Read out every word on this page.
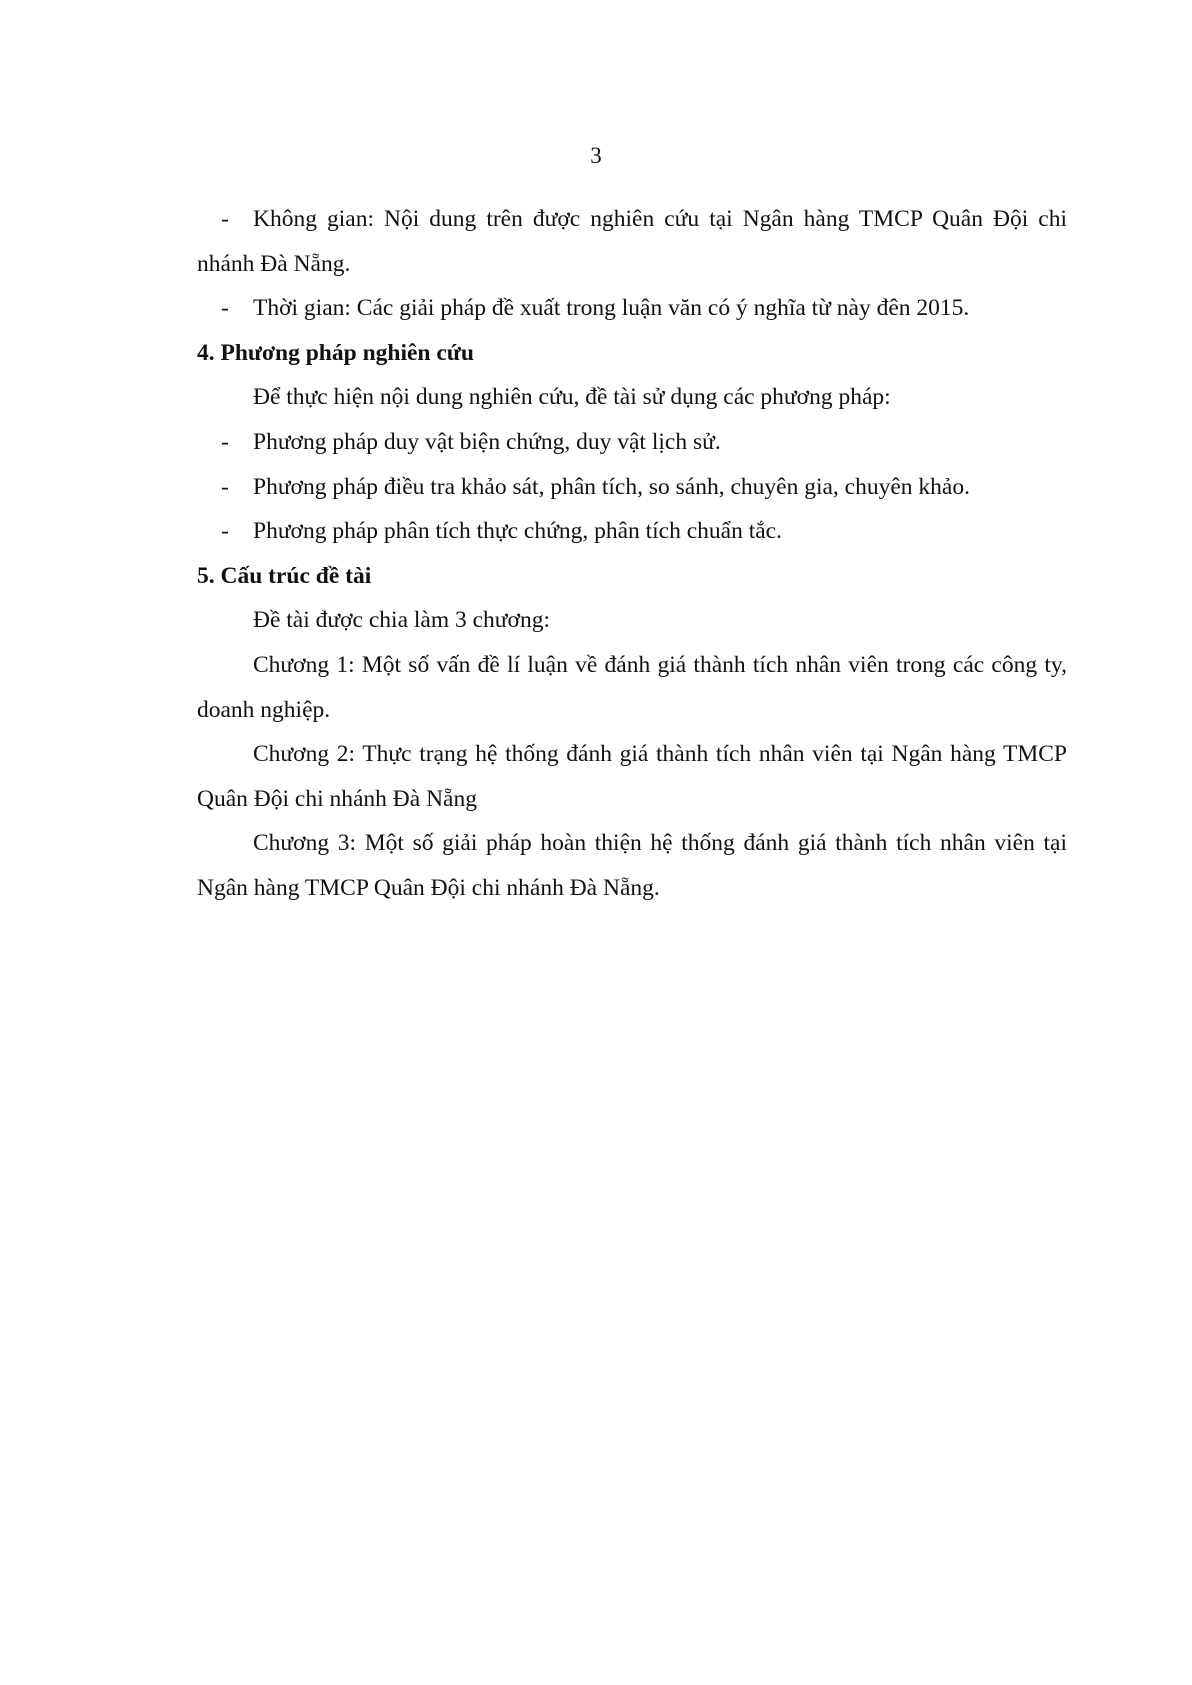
3

- Không gian: Nội dung trên được nghiên cứu tại Ngân hàng TMCP Quân Đội chi nhánh Đà Nẵng.

- Thời gian: Các giải pháp đề xuất trong luận văn có ý nghĩa từ này đên 2015.

4. Phương pháp nghiên cứu

Để thực hiện nội dung nghiên cứu, đề tài sử dụng các phương pháp:

- Phương pháp duy vật biện chứng, duy vật lịch sử.

- Phương pháp điều tra khảo sát, phân tích, so sánh, chuyên gia, chuyên khảo.

- Phương pháp phân tích thực chứng, phân tích chuẩn tắc.

5. Cấu trúc đề tài

Đề tài được chia làm 3 chương:

Chương 1: Một số vấn đề lí luận về đánh giá thành tích nhân viên trong các công ty, doanh nghiệp.

Chương 2: Thực trạng hệ thống đánh giá thành tích nhân viên tại Ngân hàng TMCP Quân Đội chi nhánh Đà Nẵng

Chương 3: Một số giải pháp hoàn thiện hệ thống đánh giá thành tích nhân viên tại Ngân hàng TMCP Quân Đội chi nhánh Đà Nẵng.
